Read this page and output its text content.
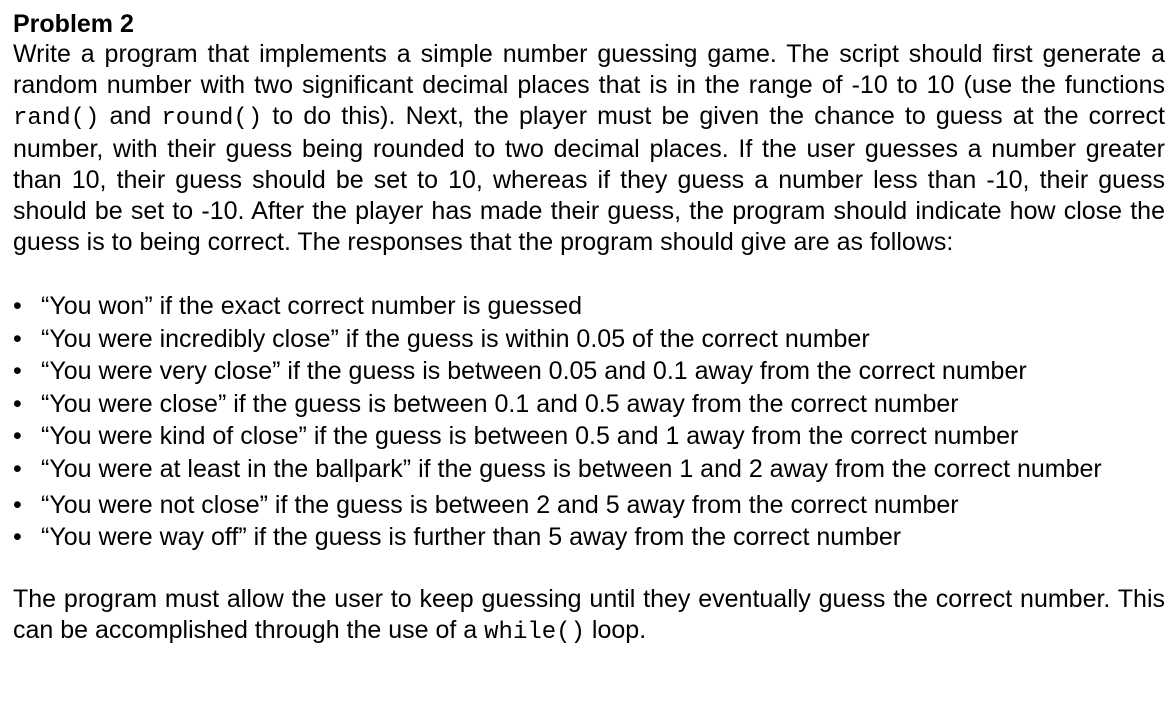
Problem 2

Write a program that implements a simple number guessing game. The script should first generate a random number with two significant decimal places that is in the range of -10 to 10 (use the functions rand() and round() to do this). Next, the player must be given the chance to guess at the correct number, with their guess being rounded to two decimal places. If the user guesses a number greater than 10, their guess should be set to 10, whereas if they guess a number less than -10, their guess should be set to -10. After the player has made their guess, the program should indicate how close the guess is to being correct. The responses that the program should give are as follows:

• “You won” if the exact correct number is guessed
• “You were incredibly close” if the guess is within 0.05 of the correct number
• “You were very close” if the guess is between 0.05 and 0.1 away from the correct number
• “You were close” if the guess is between 0.1 and 0.5 away from the correct number
• “You were kind of close” if the guess is between 0.5 and 1 away from the correct number
• “You were at least in the ballpark” if the guess is between 1 and 2 away from the correct number
• “You were not close” if the guess is between 2 and 5 away from the correct number
• “You were way off” if the guess is further than 5 away from the correct number

The program must allow the user to keep guessing until they eventually guess the correct number. This can be accomplished through the use of a while() loop.
